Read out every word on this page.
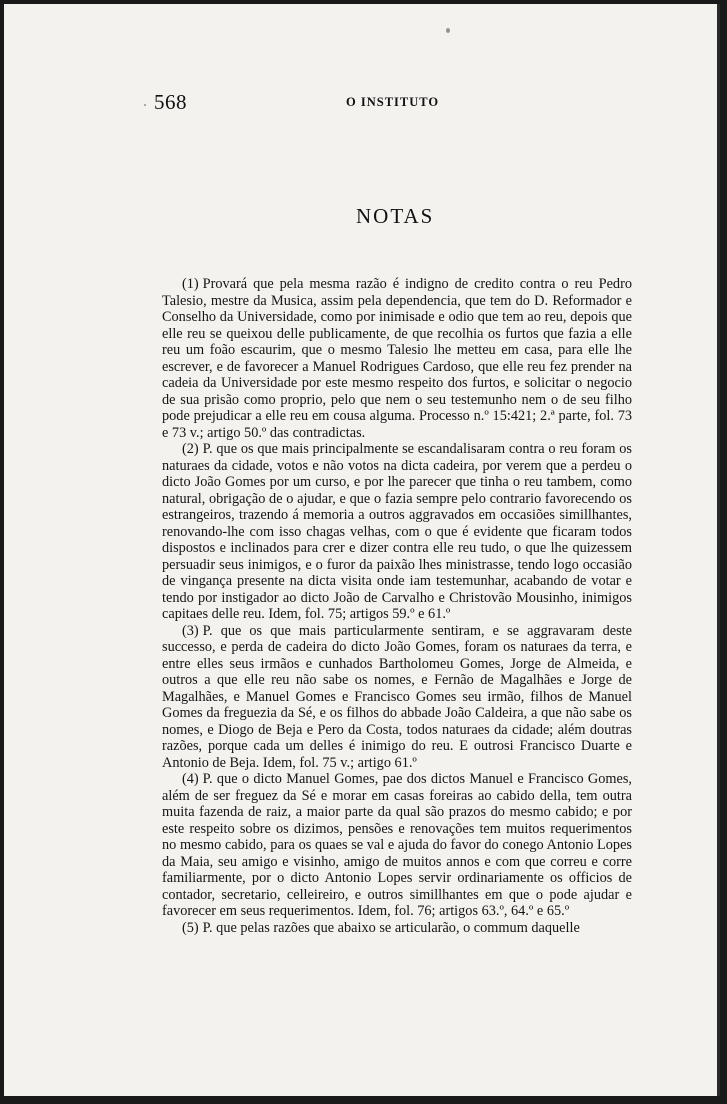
568	O INSTITUTO
NOTAS

(1) Provará que pela mesma razão é indigno de credito contra o reu Pedro Talesio, mestre da Musica, assim pela dependencia, que tem do D. Reformador e Conselho da Universidade, como por inimisade e odio que tem ao reu, depois que elle reu se queixou delle publicamente, de que recolhia os furtos que fazia a elle reu um foão escaurim, que o mesmo Talesio lhe metteu em casa, para elle lhe escrever, e de favorecer a Manuel Rodrigues Cardoso, que elle reu fez prender na cadeia da Universidade por este mesmo respeito dos furtos, e solicitar o negocio de sua prisão como proprio, pelo que nem o seu testemunho nem o de seu filho pode prejudicar a elle reu em cousa alguma. Processo n.º 15:421; 2.ª parte, fol. 73 e 73 v.; artigo 50.º das contradictas.

(2) P. que os que mais principalmente se escandalisaram contra o reu foram os naturaes da cidade, votos e não votos na dicta cadeira, por verem que a perdeu o dicto João Gomes por um curso, e por lhe parecer que tinha o reu tambem, como natural, obrigação de o ajudar, e que o fazia sempre pelo contrario favorecendo os estrangeiros, trazendo á memoria a outros aggravados em occasiões simillhantes, renovando-lhe com isso chagas velhas, com o que é evidente que ficaram todos dispostos e inclinados para crer e dizer contra elle reu tudo, o que lhe quizessem persuadir seus inimigos, e o furor da paixão lhes ministrasse, tendo logo occasião de vingança presente na dicta visita onde iam testemunhar, acabando de votar e tendo por instigador ao dicto João de Carvalho e Christovão Mousinho, inimigos capitaes delle reu. Idem, fol. 75; artigos 59.º e 61.º

(3) P. que os que mais particularmente sentiram, e se aggravaram deste successo, e perda de cadeira do dicto João Gomes, foram os naturaes da terra, e entre elles seus irmãos e cunhados Bartholomeu Gomes, Jorge de Almeida, e outros a que elle reu não sabe os nomes, e Fernão de Magalhães e Jorge de Magalhães, e Manuel Gomes e Francisco Gomes seu irmão, filhos de Manuel Gomes da freguezia da Sé, e os filhos do abbade João Caldeira, a que não sabe os nomes, e Diogo de Beja e Pero da Costa, todos naturaes da cidade; além doutras razões, porque cada um delles é inimigo do reu. E outrosi Francisco Duarte e Antonio de Beja. Idem, fol. 75 v.; artigo 61.º

(4) P. que o dicto Manuel Gomes, pae dos dictos Manuel e Francisco Gomes, além de ser freguez da Sé e morar em casas foreiras ao cabido della, tem outra muita fazenda de raiz, a maior parte da qual são prazos do mesmo cabido; e por este respeito sobre os dizimos, pensões e renovações tem muitos requerimentos no mesmo cabido, para os quaes se val e ajuda do favor do conego Antonio Lopes da Maia, seu amigo e visinho, amigo de muitos annos e com que correu e corre familiarmente, por o dicto Antonio Lopes servir ordinariamente os officios de contador, secretario, celleireiro, e outros simillhantes em que o pode ajudar e favorecer em seus requerimentos. Idem, fol. 76; artigos 63.º, 64.º e 65.º

(5) P. que pelas razões que abaixo se articularão, o commum daquelle
